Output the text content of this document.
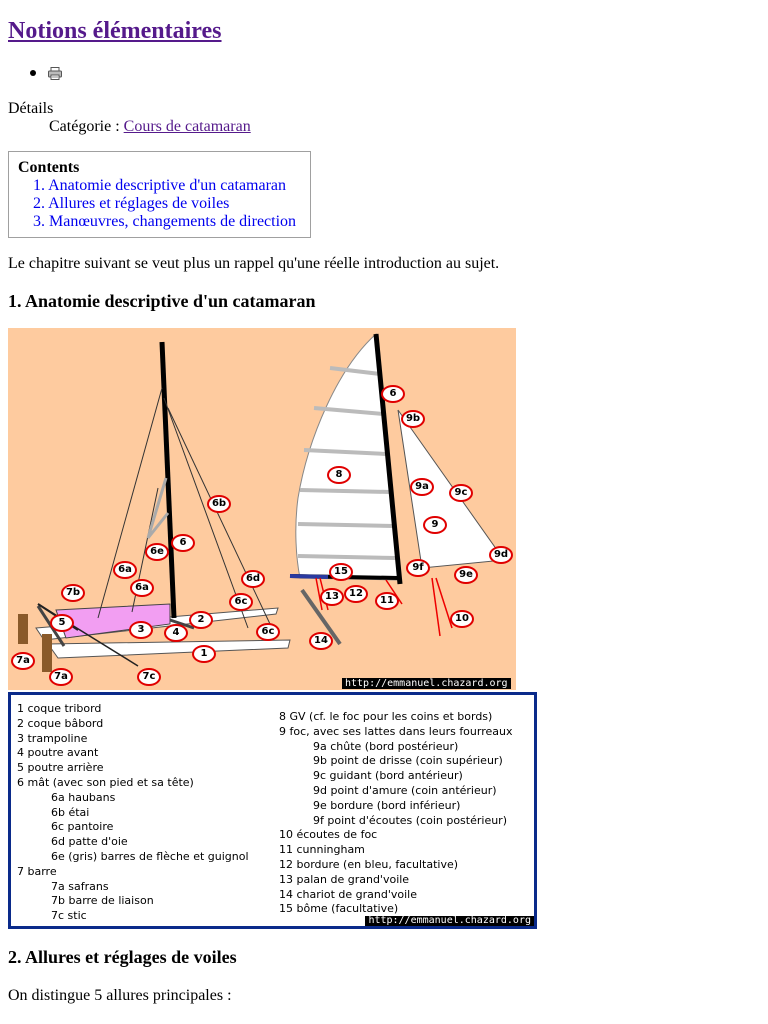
Notions élémentaires
Détails
Catégorie : Cours de catamaran
Contents
1. Anatomie descriptive d'un catamaran
2. Allures et réglages de voiles
3. Manœuvres, changements de direction
Le chapitre suivant se veut plus un rappel qu'une réelle introduction au sujet.
1. Anatomie descriptive d'un catamaran
1
2
3	4
5
6
6a
6a
6b
6c
6c
6d
6e
7a
7a
7b
7c
6
8
9
9a
9b
9c
9d
9e
9f
10
11
12
13
14
15
http://emmanuel.chazard.org
1 coque tribord
2 coque bâbord
3 trampoline
4 poutre avant
5 poutre arrière
6 mât (avec son pied et sa tête)
6a haubans
6b étai
6c pantoire
6d patte d'oie
6e (gris) barres de flèche et guignol
7 barre
7a safrans
7b barre de liaison
7c stic
8 GV (cf. le foc pour les coins et bords)
9 foc, avec ses lattes dans leurs fourreaux
9a chûte (bord postérieur)
9b point de drisse (coin supérieur)
9c guidant (bord antérieur)
9d point d'amure (coin antérieur)
9e bordure (bord inférieur)
9f point d'écoutes (coin postérieur)
10 écoutes de foc
11 cunningham
12 bordure (en bleu, facultative)
13 palan de grand'voile
14 chariot de grand'voile
15 bôme (facultative)
http://emmanuel.chazard.org
2. Allures et réglages de voiles
On distingue 5 allures principales :
